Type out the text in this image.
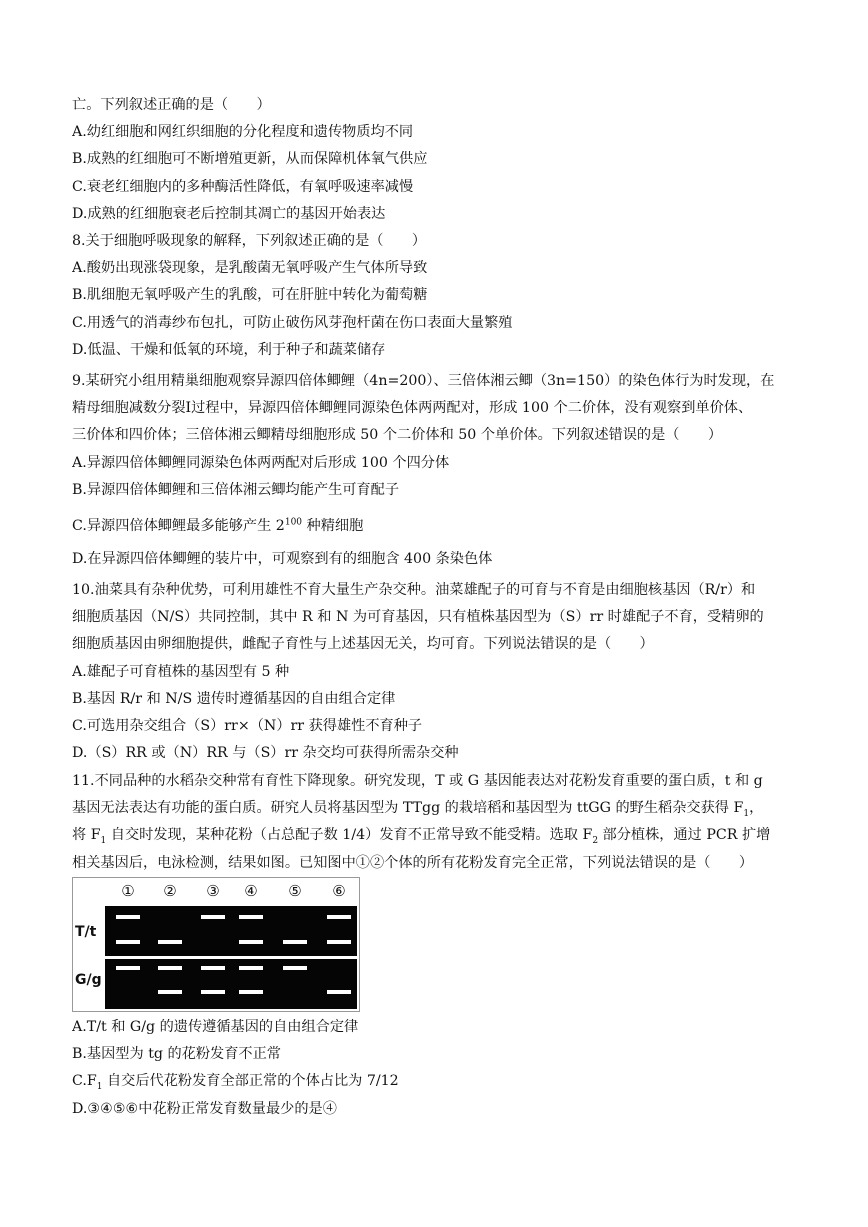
亡。下列叙述正确的是（　　）
A.幼红细胞和网红织细胞的分化程度和遗传物质均不同
B.成熟的红细胞可不断增殖更新，从而保障机体氧气供应
C.衰老红细胞内的多种酶活性降低，有氧呼吸速率减慢
D.成熟的红细胞衰老后控制其凋亡的基因开始表达
8.关于细胞呼吸现象的解释，下列叙述正确的是（　　）
A.酸奶出现涨袋现象，是乳酸菌无氧呼吸产生气体所导致
B.肌细胞无氧呼吸产生的乳酸，可在肝脏中转化为葡萄糖
C.用透气的消毒纱布包扎，可防止破伤风芽孢杆菌在伤口表面大量繁殖
D.低温、干燥和低氧的环境，利于种子和蔬菜储存
9.某研究小组用精巢细胞观察异源四倍体鲫鲤（4n=200）、三倍体湘云鲫（3n=150）的染色体行为时发现，在
精母细胞减数分裂Ⅰ过程中，异源四倍体鲫鲤同源染色体两两配对，形成 100 个二价体，没有观察到单价体、
三价体和四价体；三倍体湘云鲫精母细胞形成 50 个二价体和 50 个单价体。下列叙述错误的是（　　）
A.异源四倍体鲫鲤同源染色体两两配对后形成 100 个四分体
B.异源四倍体鲫鲤和三倍体湘云鲫均能产生可育配子
C.异源四倍体鲫鲤最多能够产生 $2^{100}$ 种精细胞
D.在异源四倍体鲫鲤的装片中，可观察到有的细胞含 400 条染色体
10.油菜具有杂种优势，可利用雄性不育大量生产杂交种。油菜雄配子的可育与不育是由细胞核基因（R/r）和
细胞质基因（N/S）共同控制，其中 R 和 N 为可育基因，只有植株基因型为（S）rr 时雄配子不育，受精卵的
细胞质基因由卵细胞提供，雌配子育性与上述基因无关，均可育。下列说法错误的是（　　）
A.雄配子可育植株的基因型有 5 种
B.基因 R/r 和 N/S 遗传时遵循基因的自由组合定律
C.可选用杂交组合（S）rr×（N）rr 获得雄性不育种子
D.（S）RR 或（N）RR 与（S）rr 杂交均可获得所需杂交种
11.不同品种的水稻杂交种常有育性下降现象。研究发现，T 或 G 基因能表达对花粉发育重要的蛋白质，t 和 g
基因无法表达有功能的蛋白质。研究人员将基因型为 TTgg 的栽培稻和基因型为 ttGG 的野生稻杂交获得 $F_1$，
将 $F_1$ 自交时发现，某种花粉（占总配子数 1/4）发育不正常导致不能受精。选取 $F_2$ 部分植株，通过 PCR 扩增
相关基因后，电泳检测，结果如图。已知图中①②个体的所有花粉发育完全正常，下列说法错误的是（　　）
T/t
G/g
① ② ③ ④ ⑤ ⑥
A.T/t 和 G/g 的遗传遵循基因的自由组合定律
B.基因型为 tg 的花粉发育不正常
$C.F_1$ 自交后代花粉发育全部正常的个体占比为 7/12
D.③④⑤⑥中花粉正常发育数量最少的是④
